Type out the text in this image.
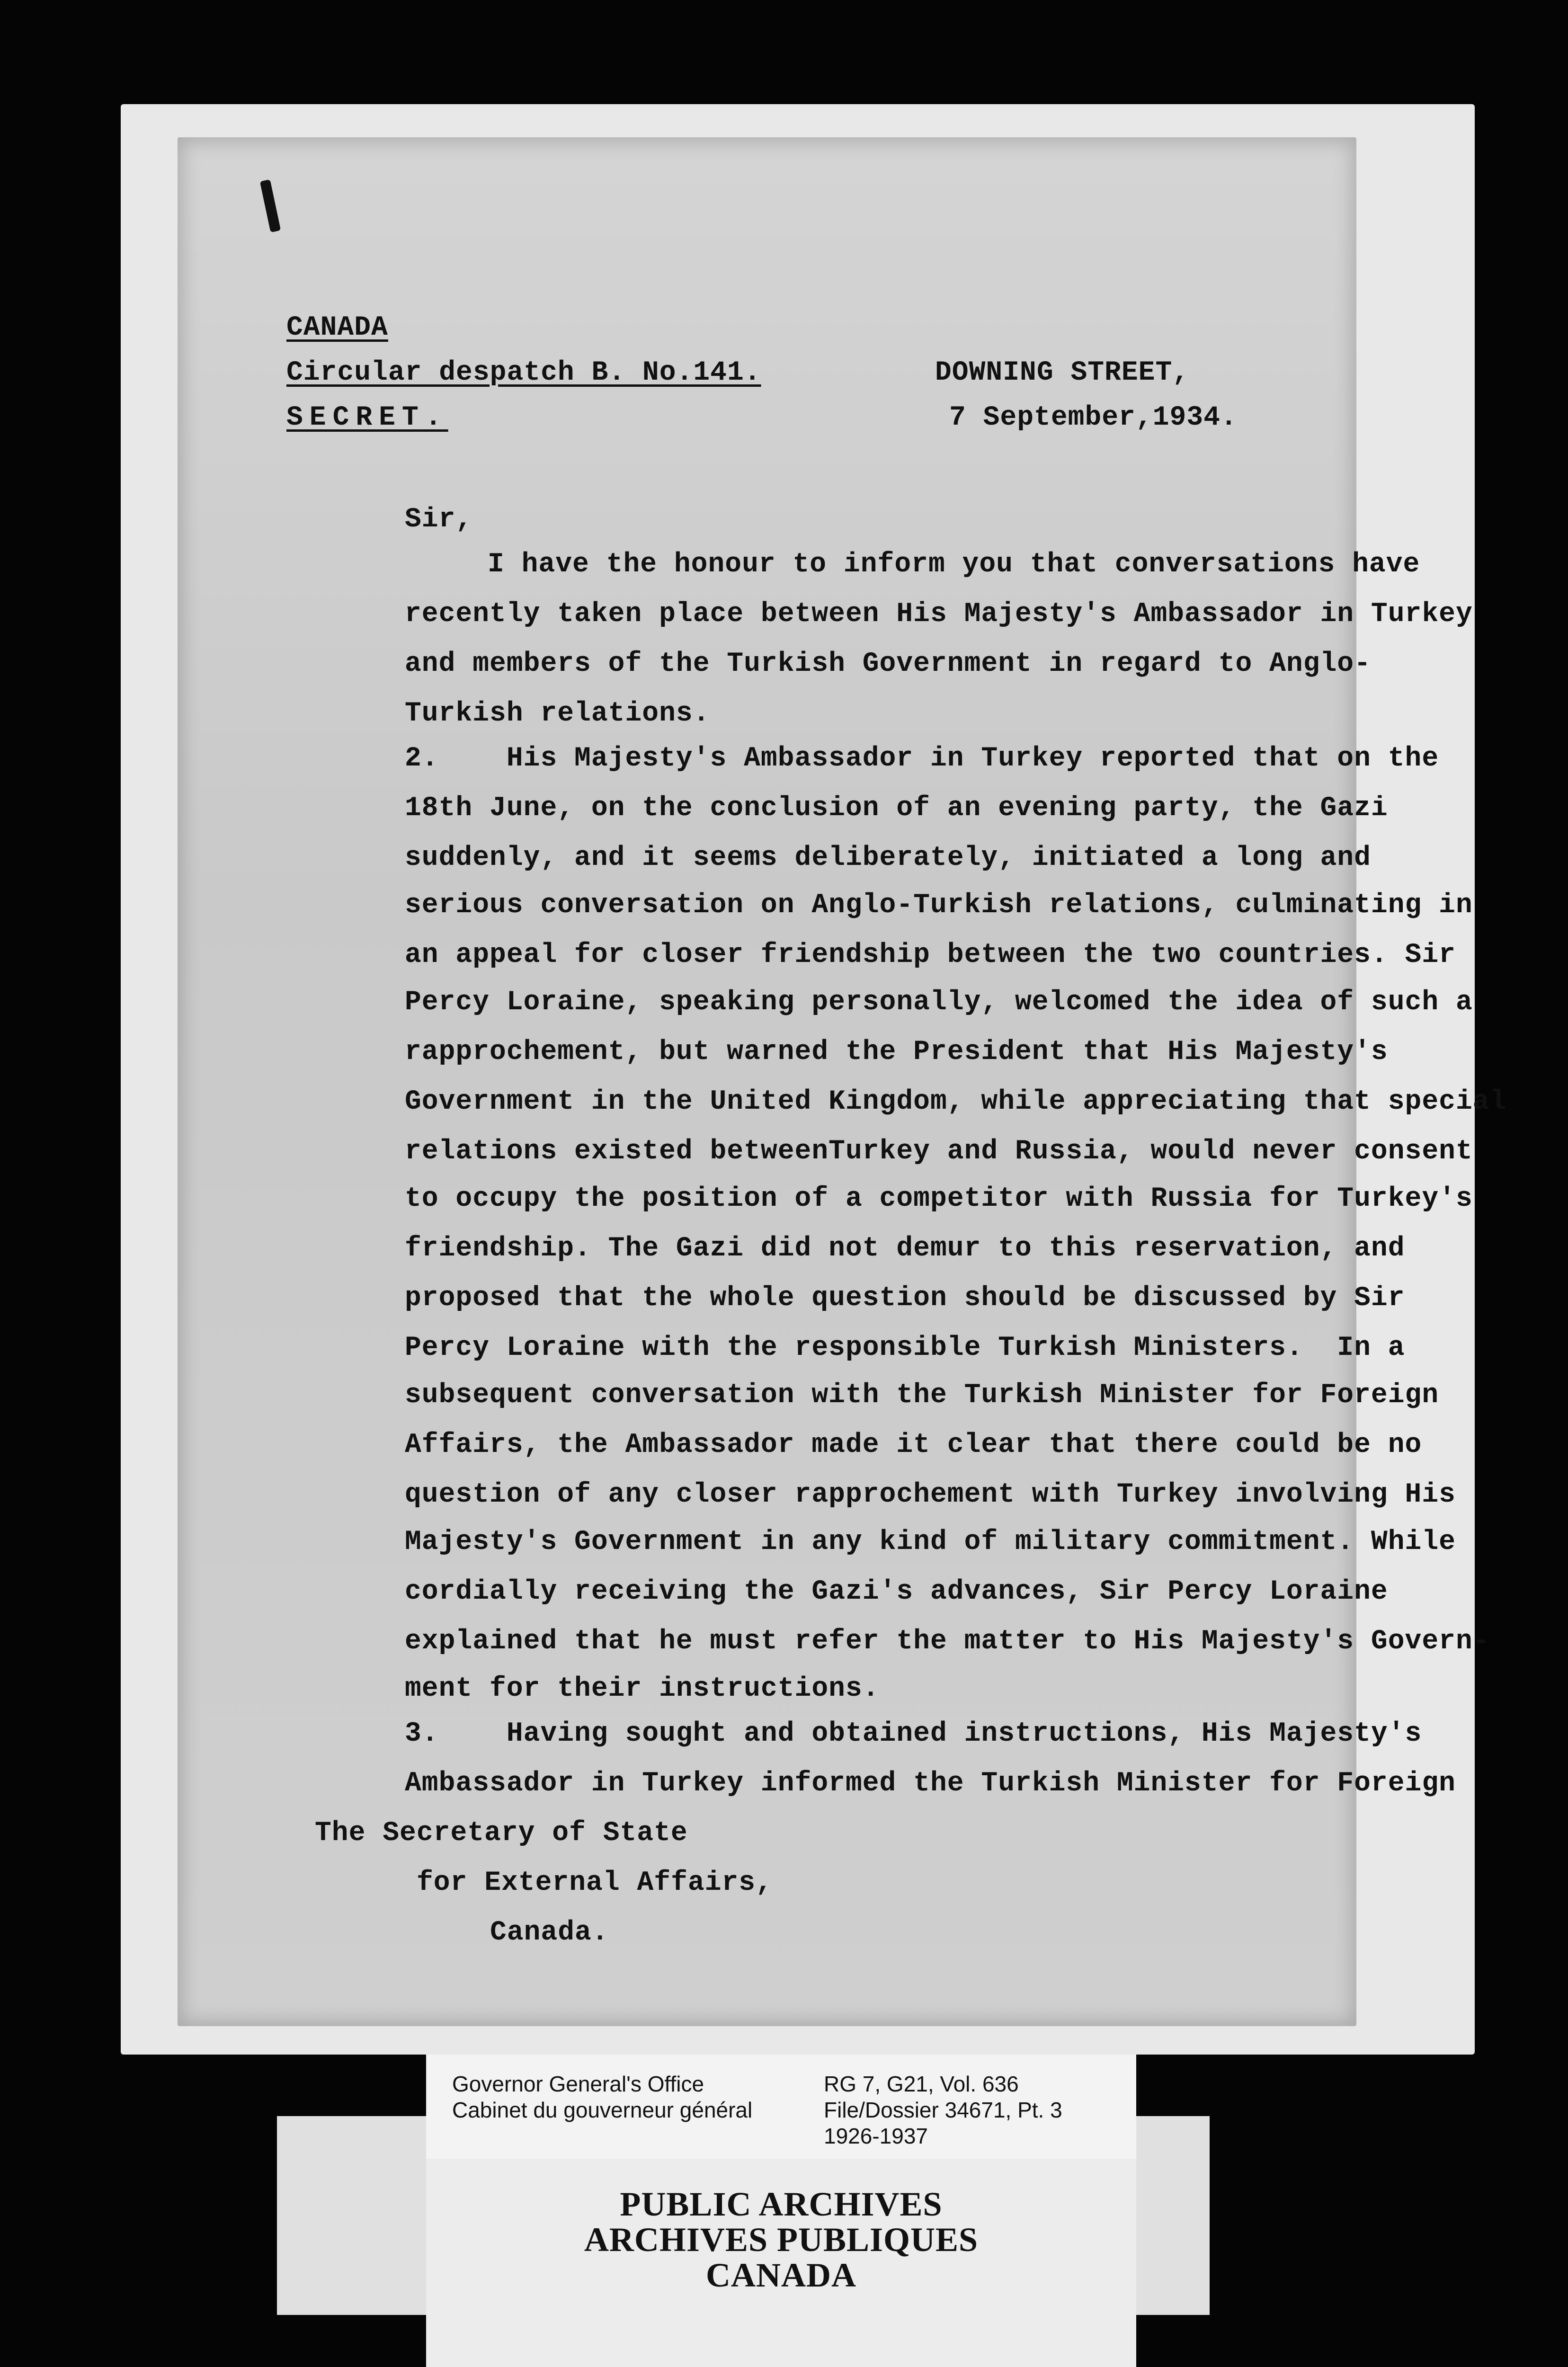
CANADA
Circular despatch B. No.141.
SECRET.
DOWNING STREET,
7 September,1934.
Sir,
I have the honour to inform you that conversations have
recently taken place between His Majesty's Ambassador in Turkey
and members of the Turkish Government in regard to Anglo-
Turkish relations.
2.    His Majesty's Ambassador in Turkey reported that on the
18th June, on the conclusion of an evening party, the Gazi
suddenly, and it seems deliberately, initiated a long and
serious conversation on Anglo-Turkish relations, culminating in
an appeal for closer friendship between the two countries. Sir
Percy Loraine, speaking personally, welcomed the idea of such a
rapprochement, but warned the President that His Majesty's
Government in the United Kingdom, while appreciating that special
relations existed betweenTurkey and Russia, would never consent
to occupy the position of a competitor with Russia for Turkey's
friendship. The Gazi did not demur to this reservation, and
proposed that the whole question should be discussed by Sir
Percy Loraine with the responsible Turkish Ministers.  In a
subsequent conversation with the Turkish Minister for Foreign
Affairs, the Ambassador made it clear that there could be no
question of any closer rapprochement with Turkey involving His
Majesty's Government in any kind of military commitment. While
cordially receiving the Gazi's advances, Sir Percy Loraine
explained that he must refer the matter to His Majesty's Govern-
ment for their instructions.
3.    Having sought and obtained instructions, His Majesty's
Ambassador in Turkey informed the Turkish Minister for Foreign
The Secretary of State
for External Affairs,
Canada.
Governor General's Office
Cabinet du gouverneur général
RG 7, G21, Vol. 636
File/Dossier 34671, Pt. 3
1926-1937
PUBLIC ARCHIVES
ARCHIVES PUBLIQUES
CANADA
